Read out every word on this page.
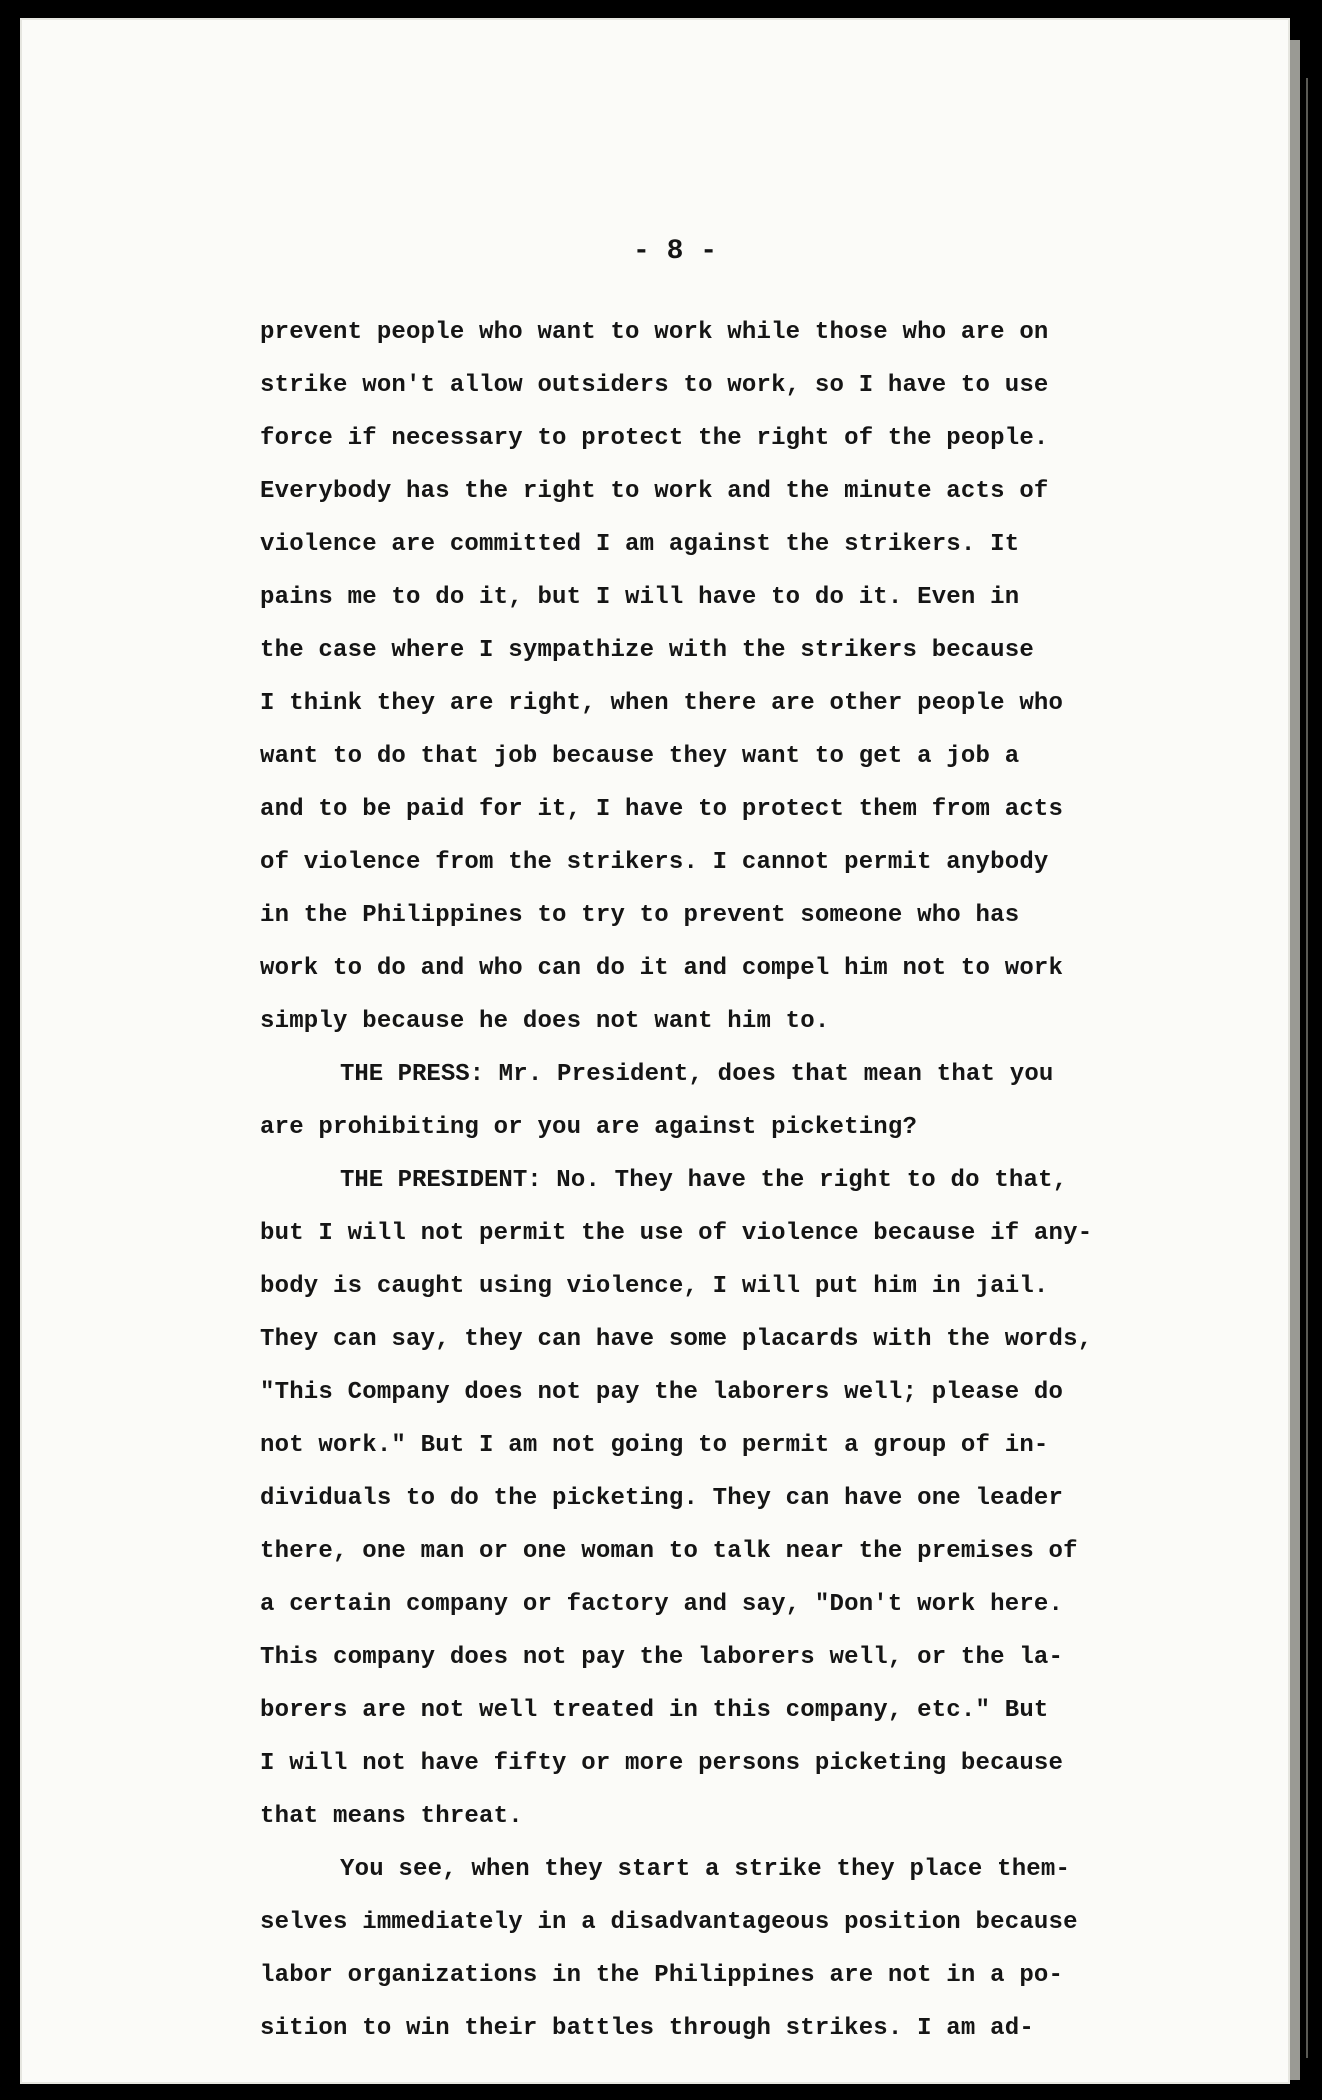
- 8 -
prevent people who want to work while those who are on
strike won't allow outsiders to work, so I have to use
force if necessary to protect the right of the people.
Everybody has the right to work and the minute acts of
violence are committed I am against the strikers. It
pains me to do it, but I will have to do it. Even in
the case where I sympathize with the strikers because
I think they are right, when there are other people who
want to do that job because they want to get a job a
and to be paid for it, I have to protect them from acts
of violence from the strikers. I cannot permit anybody
in the Philippines to try to prevent someone who has
work to do and who can do it and compel him not to work
simply because he does not want him to.
THE PRESS: Mr. President, does that mean that you
are prohibiting or you are against picketing?
THE PRESIDENT: No. They have the right to do that,
but I will not permit the use of violence because if any-
body is caught using violence, I will put him in jail.
They can say, they can have some placards with the words,
"This Company does not pay the laborers well; please do
not work." But I am not going to permit a group of in-
dividuals to do the picketing. They can have one leader
there, one man or one woman to talk near the premises of
a certain company or factory and say, "Don't work here.
This company does not pay the laborers well, or the la-
borers are not well treated in this company, etc." But
I will not have fifty or more persons picketing because
that means threat.
You see, when they start a strike they place them-
selves immediately in a disadvantageous position because
labor organizations in the Philippines are not in a po-
sition to win their battles through strikes. I am ad-
